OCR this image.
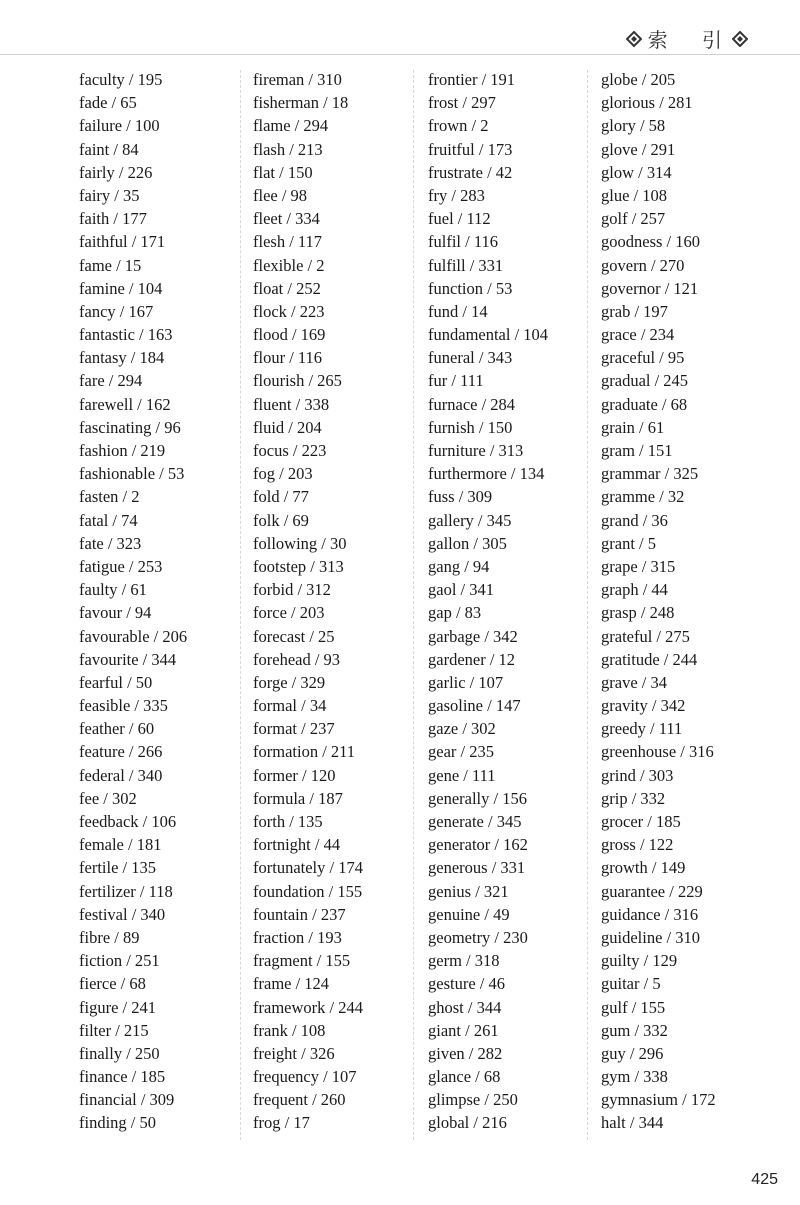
索 引
faculty / 195
fade / 65
failure / 100
faint / 84
fairly / 226
fairy / 35
faith / 177
faithful / 171
fame / 15
famine / 104
fancy / 167
fantastic / 163
fantasy / 184
fare / 294
farewell / 162
fascinating / 96
fashion / 219
fashionable / 53
fasten / 2
fatal / 74
fate / 323
fatigue / 253
faulty / 61
favour / 94
favourable / 206
favourite / 344
fearful / 50
feasible / 335
feather / 60
feature / 266
federal / 340
fee / 302
feedback / 106
female / 181
fertile / 135
fertilizer / 118
festival / 340
fibre / 89
fiction / 251
fierce / 68
figure / 241
filter / 215
finally / 250
finance / 185
financial / 309
finding / 50
fireman / 310
fisherman / 18
flame / 294
flash / 213
flat / 150
flee / 98
fleet / 334
flesh / 117
flexible / 2
float / 252
flock / 223
flood / 169
flour / 116
flourish / 265
fluent / 338
fluid / 204
focus / 223
fog / 203
fold / 77
folk / 69
following / 30
footstep / 313
forbid / 312
force / 203
forecast / 25
forehead / 93
forge / 329
formal / 34
format / 237
formation / 211
former / 120
formula / 187
forth / 135
fortnight / 44
fortunately / 174
foundation / 155
fountain / 237
fraction / 193
fragment / 155
frame / 124
framework / 244
frank / 108
freight / 326
frequency / 107
frequent / 260
frog / 17
frontier / 191
frost / 297
frown / 2
fruitful / 173
frustrate / 42
fry / 283
fuel / 112
fulfil / 116
fulfill / 331
function / 53
fund / 14
fundamental / 104
funeral / 343
fur / 111
furnace / 284
furnish / 150
furniture / 313
furthermore / 134
fuss / 309
gallery / 345
gallon / 305
gang / 94
gaol / 341
gap / 83
garbage / 342
gardener / 12
garlic / 107
gasoline / 147
gaze / 302
gear / 235
gene / 111
generally / 156
generate / 345
generator / 162
generous / 331
genius / 321
genuine / 49
geometry / 230
germ / 318
gesture / 46
ghost / 344
giant / 261
given / 282
glance / 68
glimpse / 250
global / 216
globe / 205
glorious / 281
glory / 58
glove / 291
glow / 314
glue / 108
golf / 257
goodness / 160
govern / 270
governor / 121
grab / 197
grace / 234
graceful / 95
gradual / 245
graduate / 68
grain / 61
gram / 151
grammar / 325
gramme / 32
grand / 36
grant / 5
grape / 315
graph / 44
grasp / 248
grateful / 275
gratitude / 244
grave / 34
gravity / 342
greedy / 111
greenhouse / 316
grind / 303
grip / 332
grocer / 185
gross / 122
growth / 149
guarantee / 229
guidance / 316
guideline / 310
guilty / 129
guitar / 5
gulf / 155
gum / 332
guy / 296
gym / 338
gymnasium / 172
halt / 344
425
